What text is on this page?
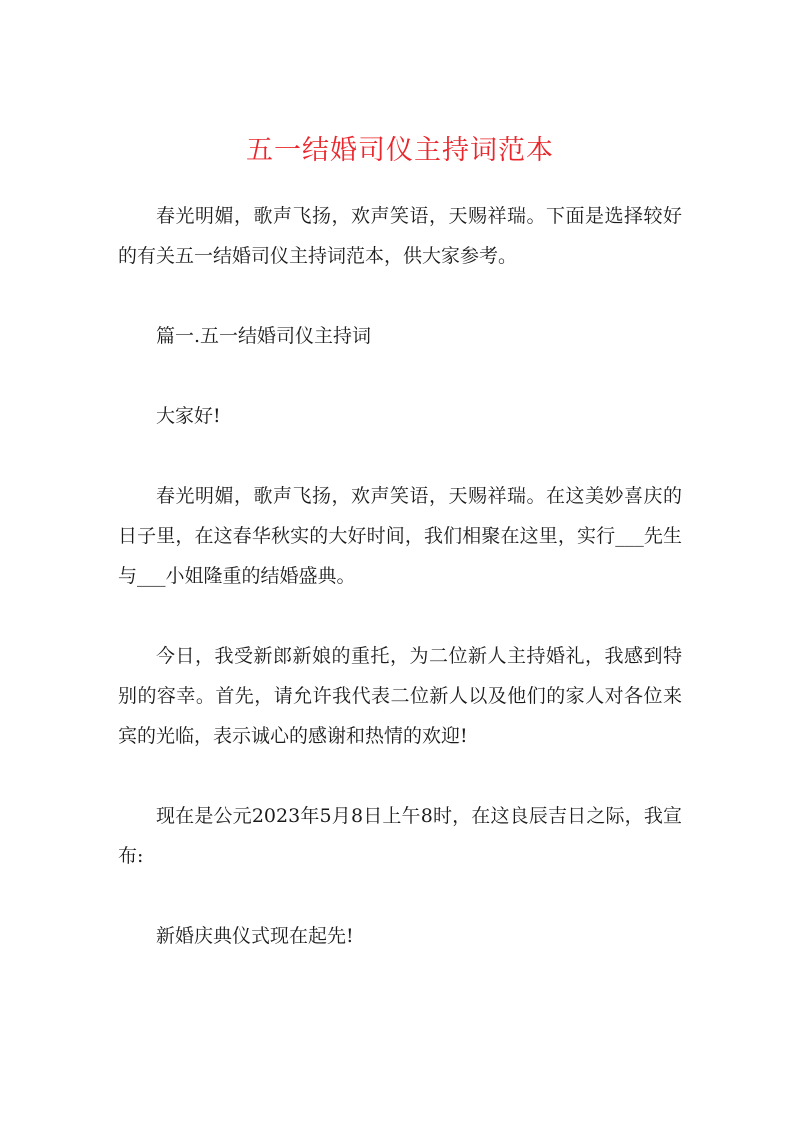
五一结婚司仪主持词范本

春光明媚，歌声飞扬，欢声笑语，天赐祥瑞。下面是选择较好的有关五一结婚司仪主持词范本，供大家参考。

篇一.五一结婚司仪主持词

大家好!

春光明媚，歌声飞扬，欢声笑语，天赐祥瑞。在这美妙喜庆的日子里，在这春华秋实的大好时间，我们相聚在这里，实行___先生与___小姐隆重的结婚盛典。

今日，我受新郎新娘的重托，为二位新人主持婚礼，我感到特别的容幸。首先，请允许我代表二位新人以及他们的家人对各位来宾的光临，表示诚心的感谢和热情的欢迎!

现在是公元2023年5月8日上午8时，在这良辰吉日之际，我宣布:

新婚庆典仪式现在起先!
